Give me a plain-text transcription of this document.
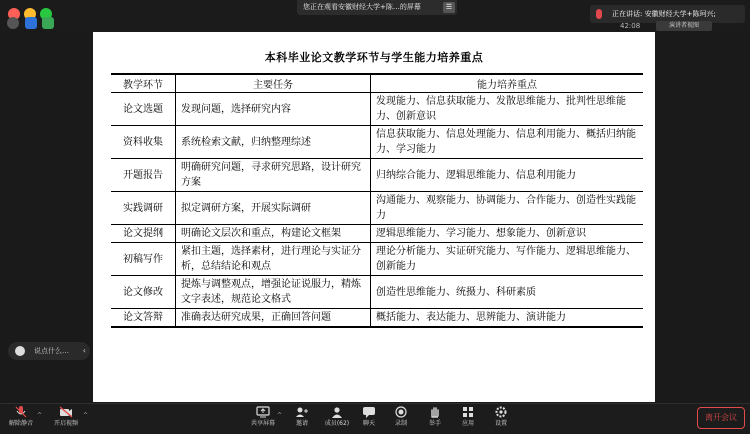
您正在观看安徽财经大学+陈…的屏幕	☰
正在讲话: 安徽财经大学+陈珂兴;
42:08	演讲者视图
本科毕业论文教学环节与学生能力培养重点
教学环节	主要任务	能力培养重点
论文选题	发现问题，选择研究内容	发现能力、信息获取能力、发散思维能力、批判性思维能力、创新意识
资料收集	系统检索文献，归纳整理综述	信息获取能力、信息处理能力、信息利用能力、概括归纳能力、学习能力
开题报告	明确研究问题，寻求研究思路，设计研究方案	归纳综合能力、逻辑思维能力、信息利用能力
实践调研	拟定调研方案，开展实际调研	沟通能力、观察能力、协调能力、合作能力、创造性实践能力
论文提纲	明确论文层次和重点，构建论文框架	逻辑思维能力、学习能力、想象能力、创新意识
初稿写作	紧扣主题，选择素材，进行理论与实证分析，总结结论和观点	理论分析能力、实证研究能力、写作能力、逻辑思维能力、创新能力
论文修改	提炼与调整观点，增强论证说服力，精炼文字表述，规范论文格式	创造性思维能力、统摄力、科研素质
论文答辩	准确表达研究成果，正确回答问题	概括能力、表达能力、思辨能力、演讲能力
说点什么… ‹
解除静音
^
开启视频
^
共享屏幕
^
邀请	成员(62)	聊天	录制	举手	应用	设置
离开会议
